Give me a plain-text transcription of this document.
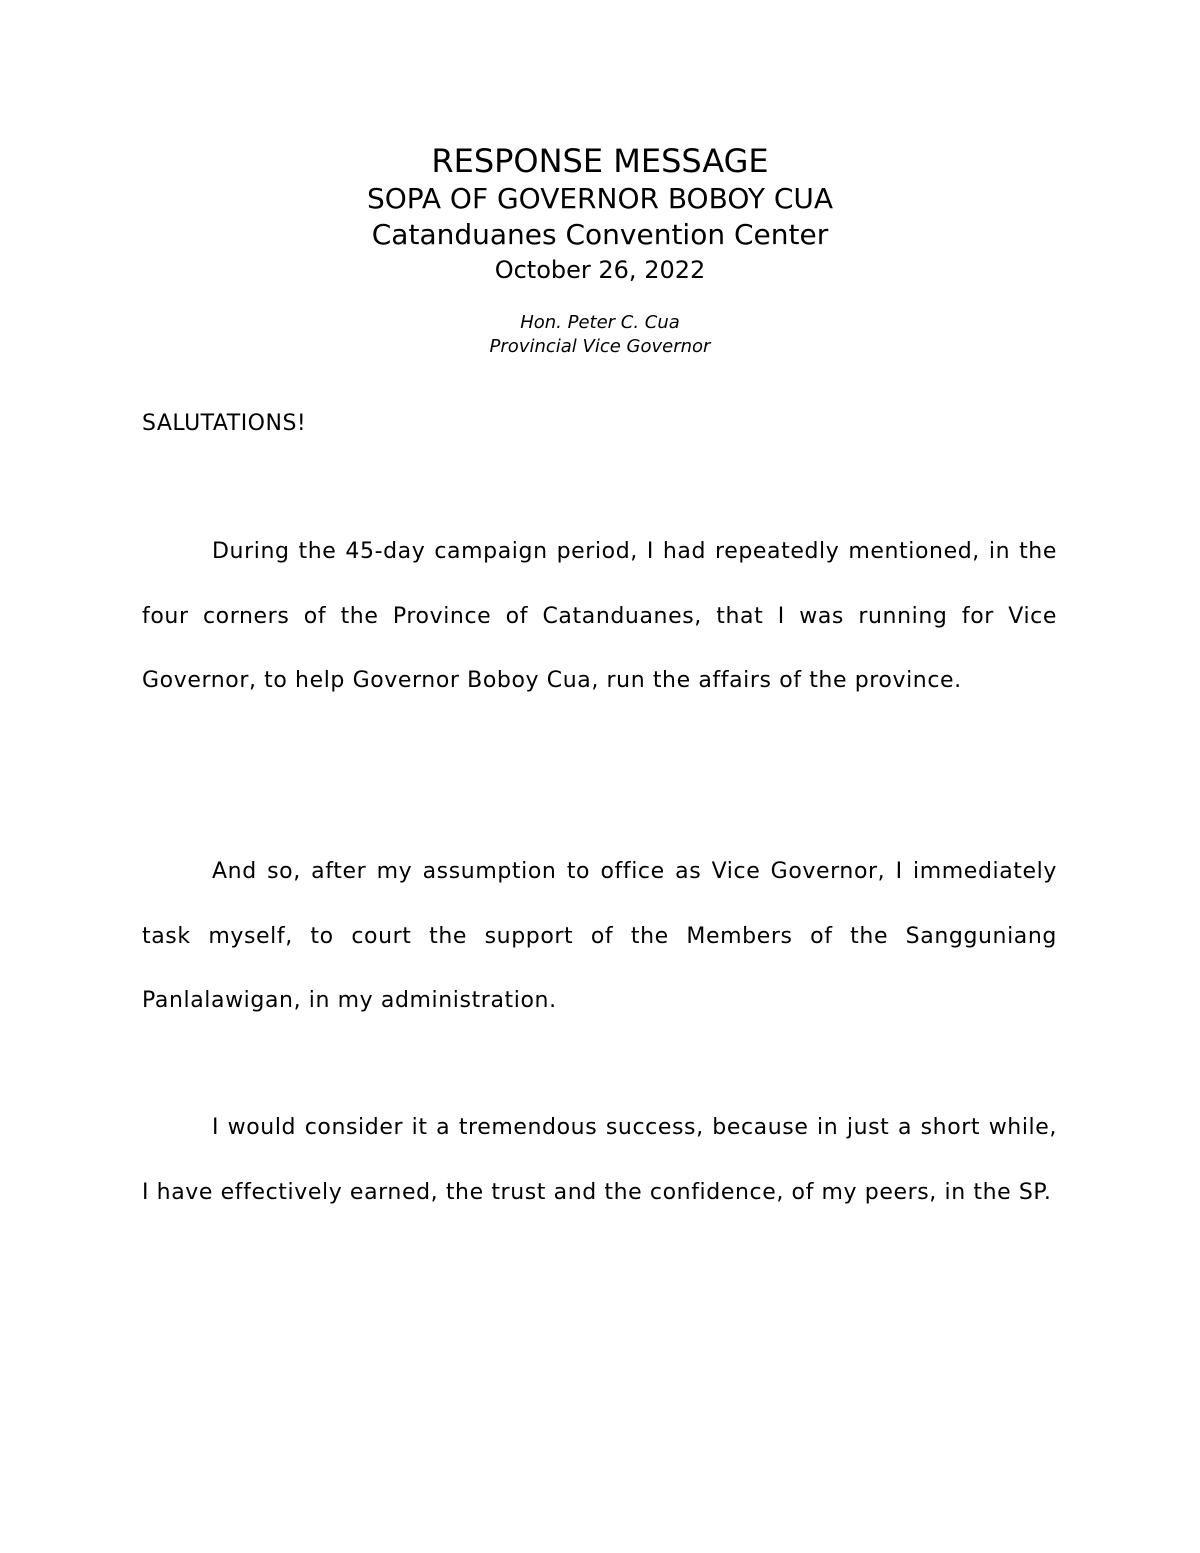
RESPONSE MESSAGE
SOPA OF GOVERNOR BOBOY CUA
Catanduanes Convention Center
October 26, 2022
Hon. Peter C. Cua
Provincial Vice Governor
SALUTATIONS!

During the 45-day campaign period, I had repeatedly mentioned, in the four corners of the Province of Catanduanes, that I was running for Vice Governor, to help Governor Boboy Cua, run the affairs of the province.

And so, after my assumption to office as Vice Governor, I immediately task myself, to court the support of the Members of the Sangguniang Panlalawigan, in my administration.

I would consider it a tremendous success, because in just a short while, I have effectively earned, the trust and the confidence, of my peers, in the SP.
